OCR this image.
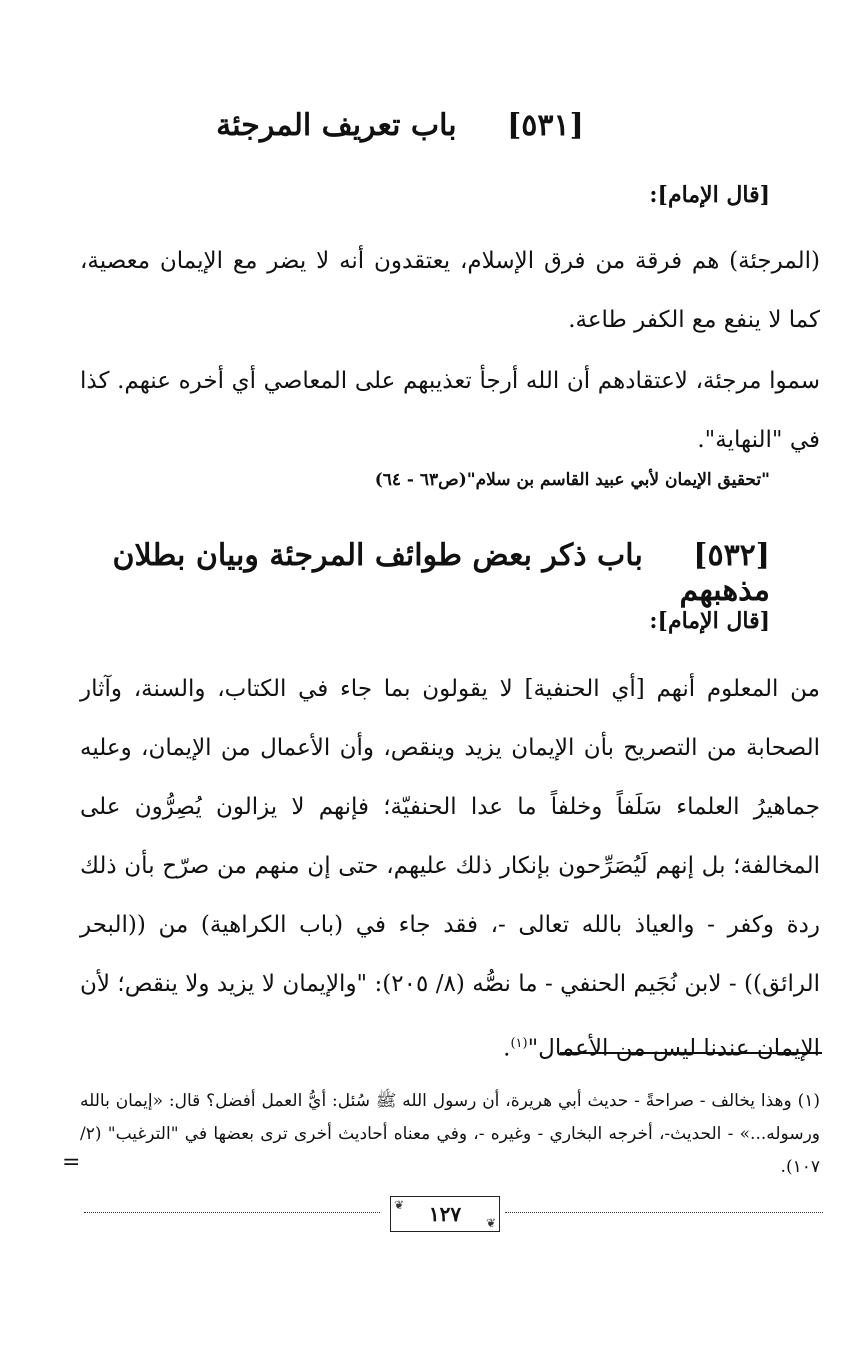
[٥٣١] باب تعريف المرجئة
[قال الإمام]:
(المرجئة) هم فرقة من فرق الإسلام، يعتقدون أنه لا يضر مع الإيمان معصية، كما لا ينفع مع الكفر طاعة.
سموا مرجئة، لاعتقادهم أن الله أرجأ تعذيبهم على المعاصي أي أخره عنهم. كذا في "النهاية".
"تحقيق الإيمان لأبي عبيد القاسم بن سلام"(ص٦٣ - ٦٤)
[٥٣٢] باب ذكر بعض طوائف المرجئة وبيان بطلان مذهبهم
[قال الإمام]:
من المعلوم أنهم [أي الحنفية] لا يقولون بما جاء في الكتاب، والسنة، وآثار الصحابة من التصريح بأن الإيمان يزيد وينقص، وأن الأعمال من الإيمان، وعليه جماهيرُ العلماء سَلَفاً وخلفاً ما عدا الحنفيّة؛ فإنهم لا يزالون يُصِرُّون على المخالفة؛ بل إنهم لَيُصَرِّحون بإنكار ذلك عليهم، حتى إن منهم من صرّح بأن ذلك ردة وكفر - والعياذ بالله تعالى -، فقد جاء في (باب الكراهية) من ((البحر الرائق)) - لابن نُجَيم الحنفي - ما نصُّه (٨/ ٢٠٥): "والإيمان لا يزيد ولا ينقص؛ لأن الإيمان عندنا ليس من الأعمال"$^{(١)}$.
(١) وهذا يخالف - صراحةً - حديث أبي هريرة، أن رسول الله ﷺ سُئل: أيُّ العمل أفضل؟ قال: «إيمان بالله ورسوله...» - الحديث-، أخرجه البخاري - وغيره -، وفي معناه أحاديث أخرى ترى بعضها في "الترغيب" (٢/ ١٠٧).
=
❦ ١٢٧ ❦
